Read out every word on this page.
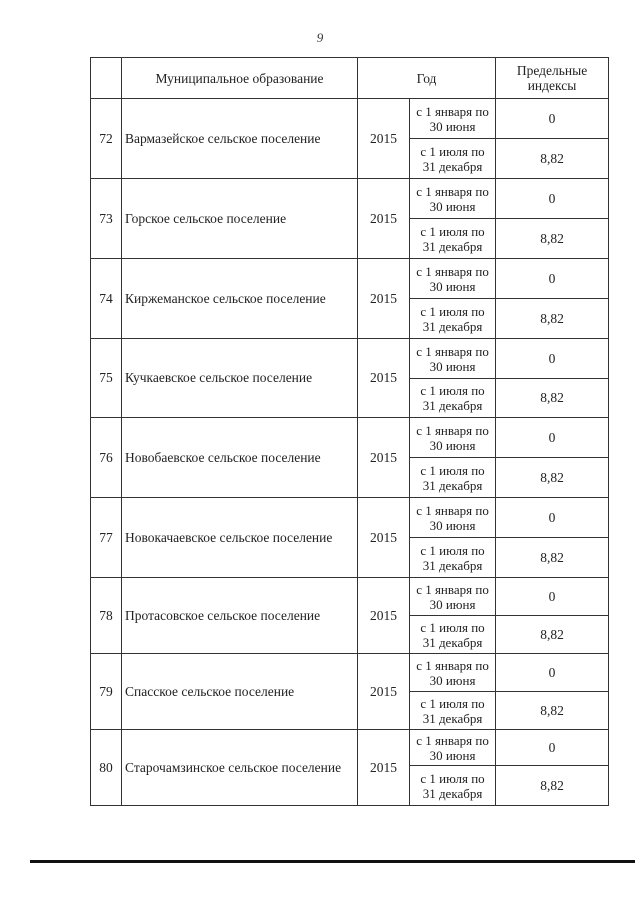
9
	Муниципальное образование	Год		Предельные индексы
72	Вармазейское сельское поселение	2015	с 1 января по 30 июня	0
			с 1 июля по 31 декабря	8,82
73	Горское сельское поселение	2015	с 1 января по 30 июня	0
			с 1 июля по 31 декабря	8,82
74	Киржеманское сельское поселение	2015	с 1 января по 30 июня	0
			с 1 июля по 31 декабря	8,82
75	Кучкаевское сельское поселение	2015	с 1 января по 30 июня	0
			с 1 июля по 31 декабря	8,82
76	Новобаевское сельское поселение	2015	с 1 января по 30 июня	0
			с 1 июля по 31 декабря	8,82
77	Новокачаевское сельское поселение	2015	с 1 января по 30 июня	0
			с 1 июля по 31 декабря	8,82
78	Протасовское сельское поселение	2015	с 1 января по 30 июня	0
			с 1 июля по 31 декабря	8,82
79	Спасское сельское поселение	2015	с 1 января по 30 июня	0
			с 1 июля по 31 декабря	8,82
80	Старочамзинское сельское поселение	2015	с 1 января по 30 июня	0
			с 1 июля по 31 декабря	8,82
